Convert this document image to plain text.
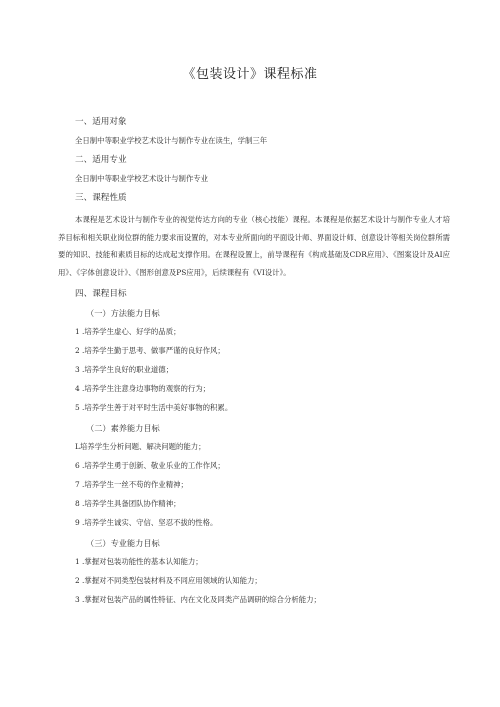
《包装设计》课程标准
一、适用对象
全日制中等职业学校艺术设计与制作专业在读生，学制三年
二、适用专业
全日制中等职业学校艺术设计与制作专业
三、课程性质
本课程是艺术设计与制作专业的视觉传达方向的专业（核心技能）课程。本课程是依据艺术设计与制作专业人才培养目标和相关职业岗位群的能力要求而设置的，对本专业所面向的平面设计师、界面设计师、创意设计等相关岗位群所需要的知识、技能和素质目标的达成起支撑作用。在课程设置上，前导课程有《构成基础及CDR应用》、《图案设计及AI应用》、《字体创意设计》、《图形创意及PS应用》，后续课程有《VI设计》。
四、课程目标
（一）方法能力目标
1 .培养学生虚心、好学的品质；
2 .培养学生勤于思考、做事严谨的良好作风；
3 .培养学生良好的职业道德；
4 .培养学生注意身边事物的观察的行为；
5 .培养学生善于对平时生活中美好事物的积累。
（二）素养能力目标
L培养学生分析问题、解决问题的能力；
6 .培养学生勇于创新、敬业乐业的工作作风；
7 .培养学生一丝不苟的作业精神；
8 .培养学生具备团队协作精神；
9 .培养学生诚实、守信、坚忍不拔的性格。
（三）专业能力目标
1 .掌握对包装功能性的基本认知能力；
2 .掌握对不同类型包装材料及不同应用领域的认知能力；
3 .掌握对包装产品的属性特征、内在文化及同类产品调研的综合分析能力；
